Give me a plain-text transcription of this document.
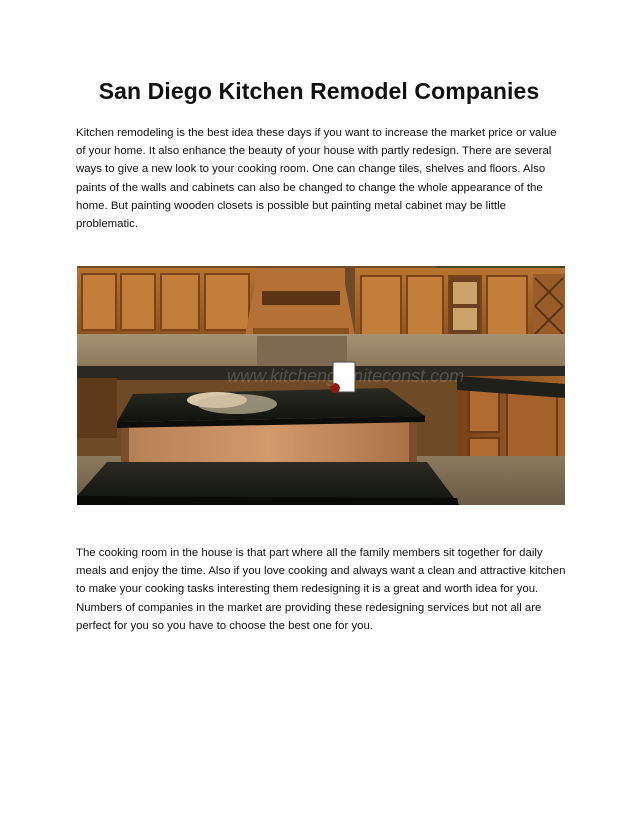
San Diego Kitchen Remodel Companies

Kitchen remodeling is the best idea these days if you want to increase the market price or value of your home. It also enhance the beauty of your house with partly redesign. There are several ways to give a new look to your cooking room. One can change tiles, shelves and floors. Also paints of the walls and cabinets can also be changed to change the whole appearance of the home. But painting wooden closets is possible but painting metal cabinet may be little problematic.

www.kitchengraniteconst.com

The cooking room in the house is that part where all the family members sit together for daily meals and enjoy the time. Also if you love cooking and always want a clean and attractive kitchen to make your cooking tasks interesting them redesigning it is a great and worth idea for you. Numbers of companies in the market are providing these redesigning services but not all are perfect for you so you have to choose the best one for you.
